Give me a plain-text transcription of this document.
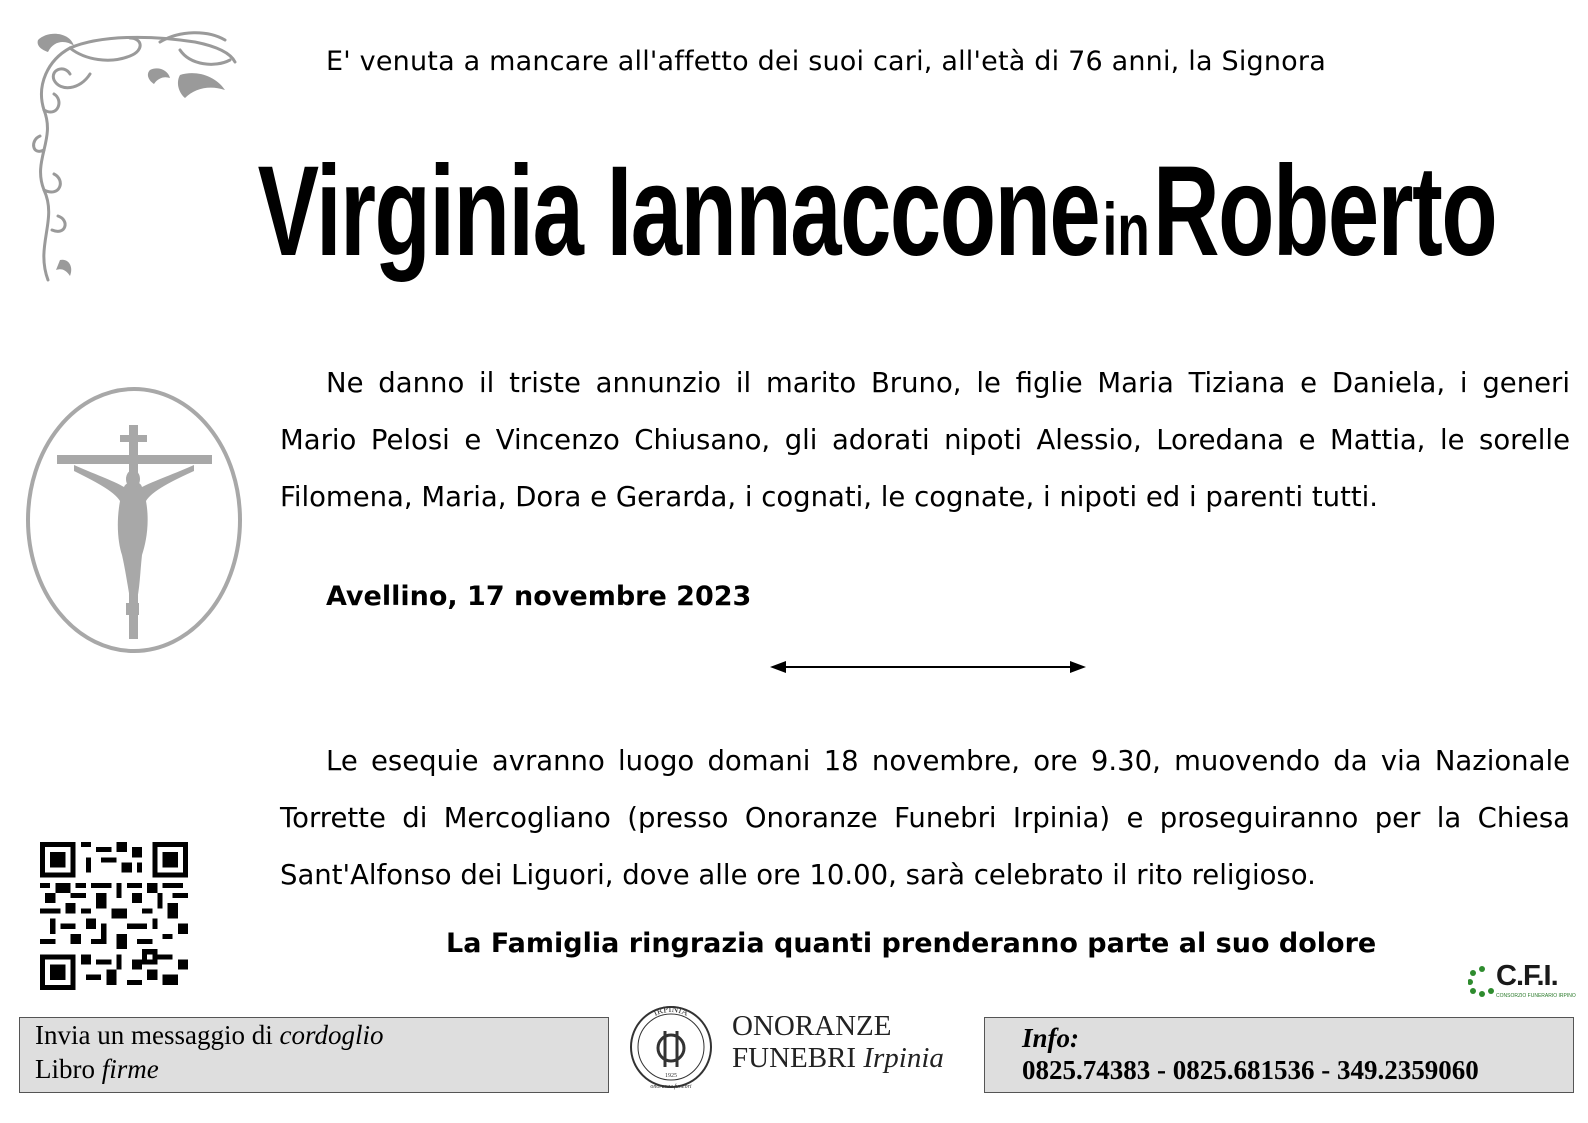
E' venuta a mancare all'affetto dei suoi cari, all'età di 76 anni, la Signora
Virginia Iannaccone in Roberto
Ne danno il triste annunzio il marito Bruno, le figlie Maria Tiziana e Daniela, i generi
Mario Pelosi e Vincenzo Chiusano, gli adorati nipoti Alessio, Loredana e Mattia, le sorelle
Filomena, Maria, Dora e Gerarda, i cognati, le cognate, i nipoti ed i parenti tutti.
Avellino, 17 novembre 2023
Le esequie avranno luogo domani 18 novembre, ore 9.30, muovendo da via Nazionale
Torrette di Mercogliano (presso Onoranze Funebri Irpinia) e proseguiranno per la Chiesa
Sant'Alfonso dei Liguori, dove alle ore 10.00, sarà celebrato il rito religioso.
La Famiglia ringrazia quanti prenderanno parte al suo dolore
C.F.I.
CONSORZIO FUNERARIO IRPINO
Invia un messaggio di cordoglio
Libro firme
IRPINIA
1925
onoranze funebri
ONORANZE
FUNEBRI Irpinia
Info:
0825.74383 - 0825.681536 - 349.2359060
